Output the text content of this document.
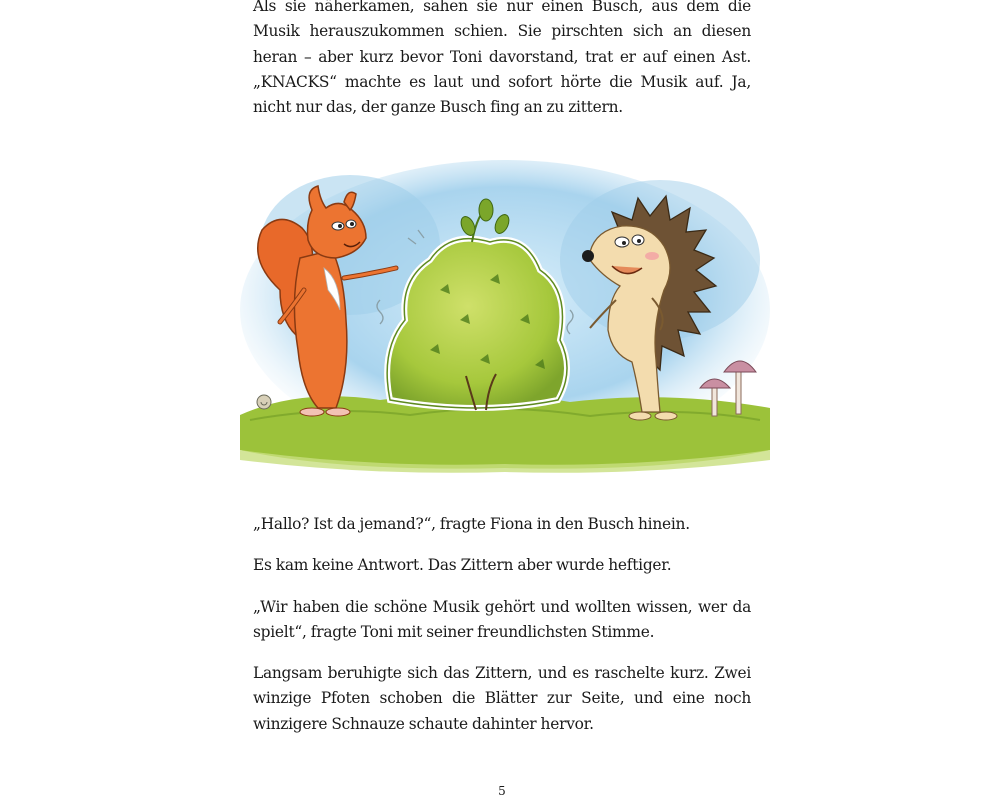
Als sie näherkamen, sahen sie nur einen Busch, aus dem die Musik herauszukommen schien. Sie pirschten sich an diesen heran – aber kurz bevor Toni davorstand, trat er auf einen Ast. „KNACKS“ machte es laut und sofort hörte die Musik auf. Ja, nicht nur das, der ganze Busch fing an zu zittern.

„Hallo? Ist da jemand?“, fragte Fiona in den Busch hinein.

Es kam keine Antwort. Das Zittern aber wurde heftiger.

„Wir haben die schöne Musik gehört und wollten wissen, wer da spielt“, fragte Toni mit seiner freundlichsten Stimme.

Langsam beruhigte sich das Zittern, und es raschelte kurz. Zwei winzige Pfoten schoben die Blätter zur Seite, und eine noch winzigere Schnauze schaute dahinter hervor.

5
